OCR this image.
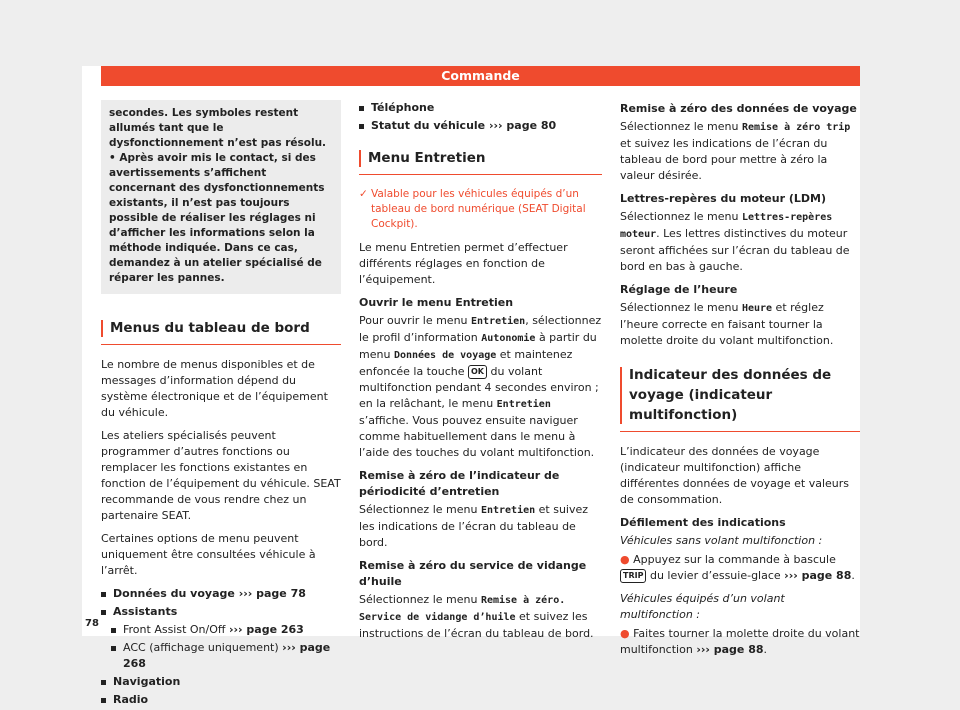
Commande

secondes. Les symboles restent allumés tant que le dysfonctionnement n’est pas résolu.

• Après avoir mis le contact, si des avertissements s’affichent concernant des dysfonctionnements existants, il n’est pas toujours possible de réaliser les réglages ni d’afficher les informations selon la méthode indiquée. Dans ce cas, demandez à un atelier spécialisé de réparer les pannes.

Menus du tableau de bord

Le nombre de menus disponibles et de messages d’information dépend du système électronique et de l’équipement du véhicule.

Les ateliers spécialisés peuvent programmer d’autres fonctions ou remplacer les fonctions existantes en fonction de l’équipement du véhicule. SEAT recommande de vous rendre chez un partenaire SEAT.

Certaines options de menu peuvent uniquement être consultées véhicule à l’arrêt.

Données du voyage ››› page 78
Assistants
Front Assist On/Off ››› page 263
ACC (affichage uniquement) ››› page 268
Navigation
Radio
Téléphone
Statut du véhicule ››› page 80
Menu Entretien
✓ Valable pour les véhicules équipés d’un tableau de bord numérique (SEAT Digital Cockpit).

Le menu Entretien permet d’effectuer différents réglages en fonction de l’équipement.

Ouvrir le menu Entretien

Pour ouvrir le menu Entretien, sélectionnez le profil d’information Autonomie à partir du menu Données de voyage et maintenez enfoncée la touche OK du volant multifonction pendant 4 secondes environ ; en la relâchant, le menu Entretien s’affiche. Vous pouvez ensuite naviguer comme habituellement dans le menu à l’aide des touches du volant multifonction.

Remise à zéro de l’indicateur de périodicité d’entretien

Sélectionnez le menu Entretien et suivez les indications de l’écran du tableau de bord.

Remise à zéro du service de vidange d’huile

Sélectionnez le menu Remise à zéro. Service de vidange d’huile et suivez les instructions de l’écran du tableau de bord.

Remise à zéro des données de voyage

Sélectionnez le menu Remise à zéro trip et suivez les indications de l’écran du tableau de bord pour mettre à zéro la valeur désirée.

Lettres-repères du moteur (LDM)

Sélectionnez le menu Lettres-repères moteur. Les lettres distinctives du moteur seront affichées sur l’écran du tableau de bord en bas à gauche.

Réglage de l’heure

Sélectionnez le menu Heure et réglez l’heure correcte en faisant tourner la molette droite du volant multifonction.

Indicateur des données de voyage (indicateur multifonction)

L’indicateur des données de voyage (indicateur multifonction) affiche différentes données de voyage et valeurs de consommation.

Défilement des indications

Véhicules sans volant multifonction :

● Appuyez sur la commande à bascule TRIP du levier d’essuie-glace ››› page 88.

Véhicules équipés d’un volant multifonction :

● Faites tourner la molette droite du volant multifonction ››› page 88.

78
